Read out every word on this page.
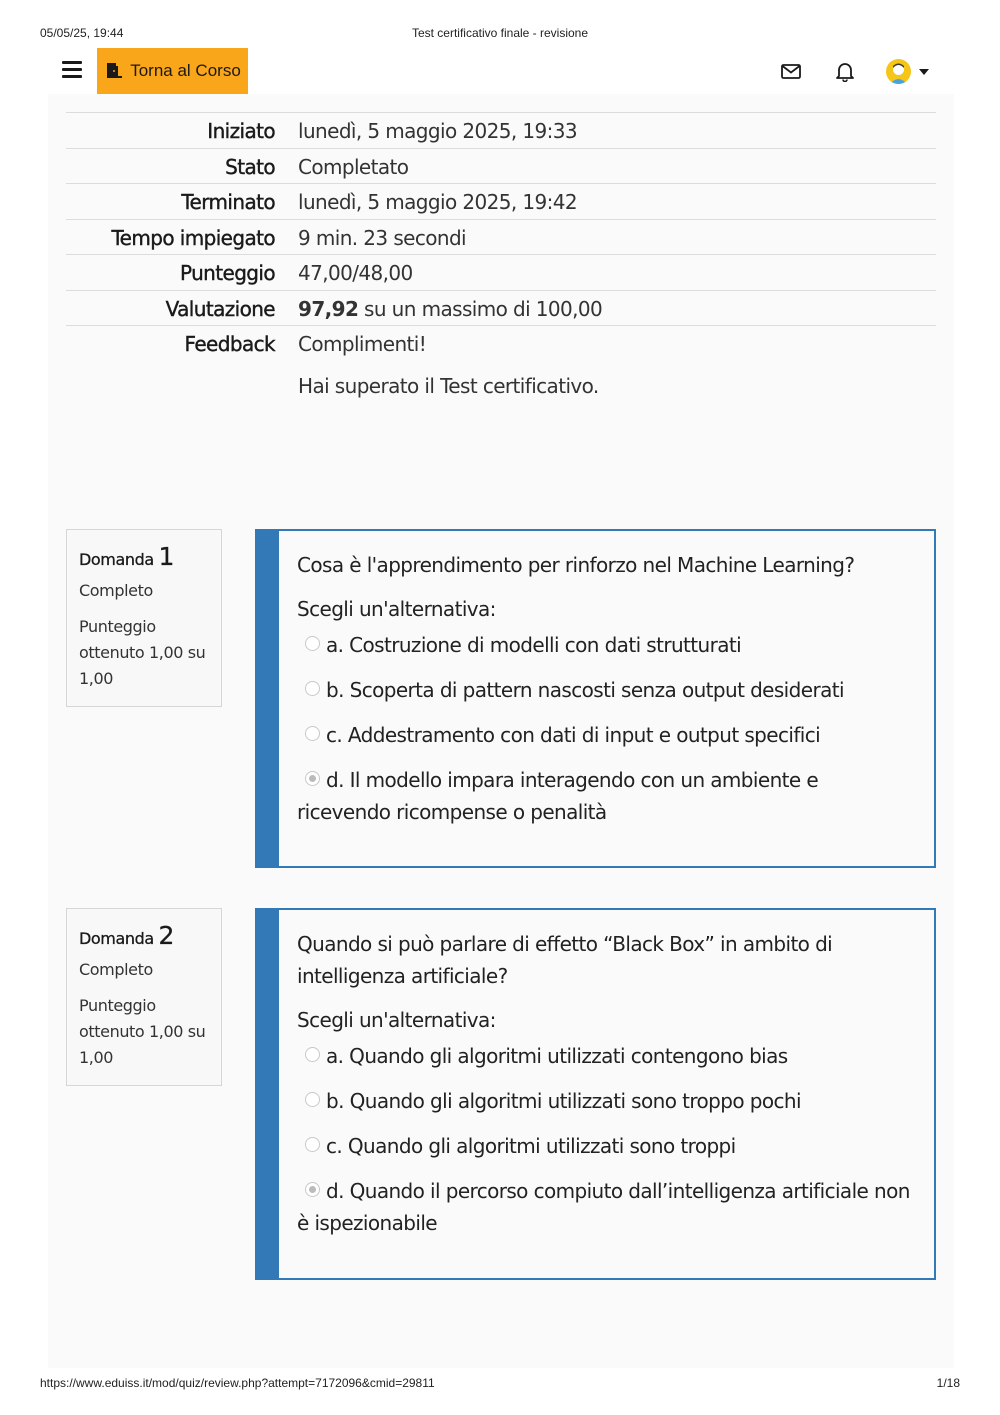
05/05/25, 19:44	Test certificativo finale - revisione
Torna al Corso
Iniziato	lunedì, 5 maggio 2025, 19:33
Stato	Completato
Terminato	lunedì, 5 maggio 2025, 19:42
Tempo impiegato	9 min. 23 secondi
Punteggio	47,00/48,00
Valutazione	97,92 su un massimo di 100,00
Feedback	Complimenti!

Hai superato il Test certificativo.

Domanda 1
Completo
Punteggio ottenuto 1,00 su 1,00
Cosa è l'apprendimento per rinforzo nel Machine Learning?
Scegli un'alternativa:
a. Costruzione di modelli con dati strutturati
b. Scoperta di pattern nascosti senza output desiderati
c. Addestramento con dati di input e output specifici
d. Il modello impara interagendo con un ambiente e ricevendo ricompense o penalità
Domanda 2
Completo
Punteggio ottenuto 1,00 su 1,00
Quando si può parlare di effetto “Black Box” in ambito di intelligenza artificiale?
Scegli un'alternativa:
a. Quando gli algoritmi utilizzati contengono bias
b. Quando gli algoritmi utilizzati sono troppo pochi
c. Quando gli algoritmi utilizzati sono troppi
d. Quando il percorso compiuto dall’intelligenza artificiale non è ispezionabile
https://www.eduiss.it/mod/quiz/review.php?attempt=7172096&cmid=29811	1/18
